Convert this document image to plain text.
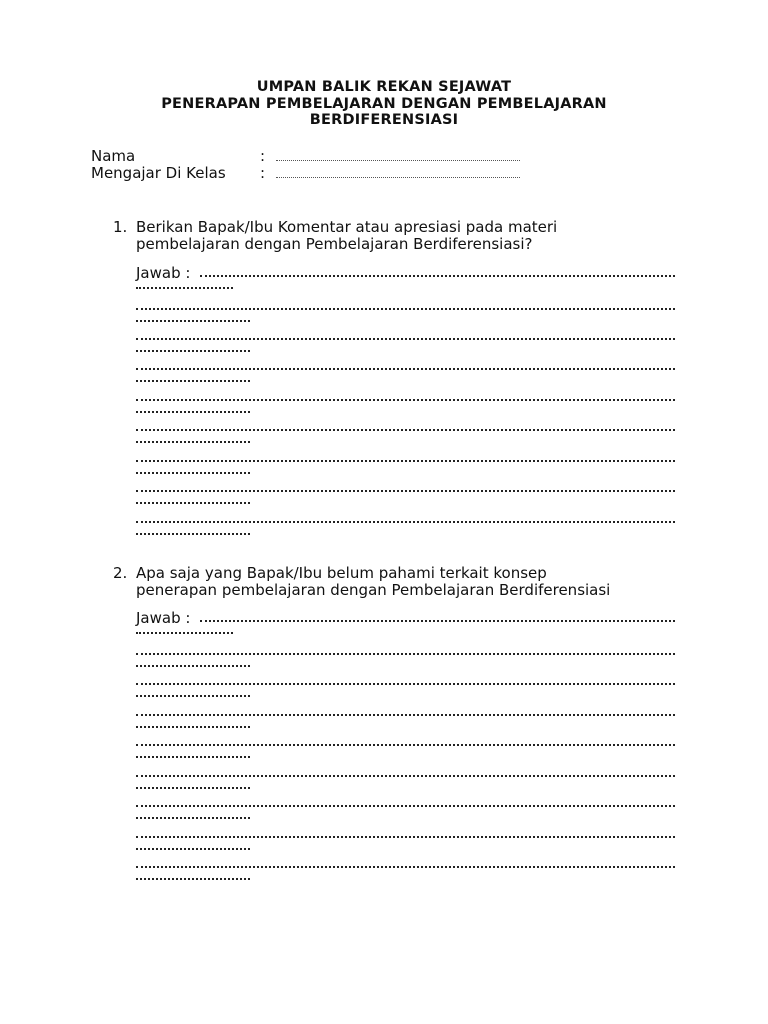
UMPAN BALIK REKAN SEJAWAT
PENERAPAN PEMBELAJARAN DENGAN PEMBELAJARAN
BERDIFERENSIASI
Nama	:
Mengajar Di Kelas :
1. Berikan Bapak/Ibu Komentar atau apresiasi pada materi
pembelajaran dengan Pembelajaran Berdiferensiasi?
Jawab :
2. Apa saja yang Bapak/Ibu belum pahami terkait konsep
penerapan pembelajaran dengan Pembelajaran Berdiferensiasi
Jawab :
